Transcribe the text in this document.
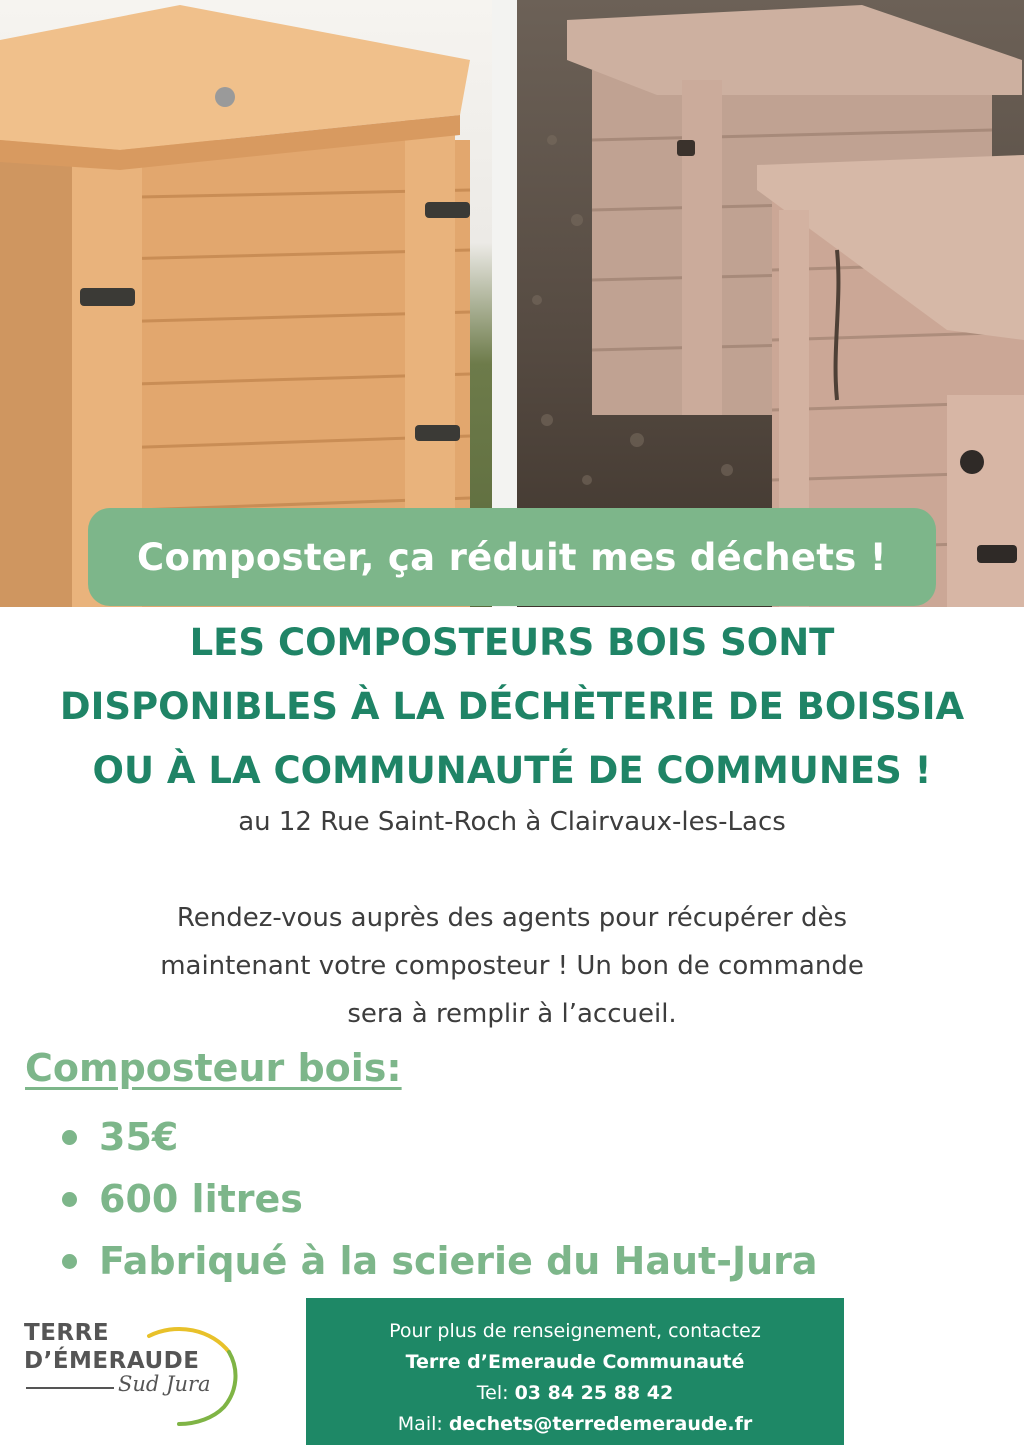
Composter, ça réduit mes déchets !
LES COMPOSTEURS BOIS SONT
DISPONIBLES À LA DÉCHÈTERIE DE BOISSIA
OU À LA COMMUNAUTÉ DE COMMUNES !
au 12 Rue Saint-Roch à Clairvaux-les-Lacs
Rendez-vous auprès des agents pour récupérer dès
maintenant votre composteur ! Un bon de commande
sera à remplir à l’accueil.
Composteur bois:
35€
600 litres
Fabriqué à la scierie du Haut-Jura
TERRE
D’ÉMERAUDE
Sud Jura
Pour plus de renseignement, contactez
Terre d’Emeraude Communauté
Tel: 03 84 25 88 42
Mail: dechets@terredemeraude.fr
